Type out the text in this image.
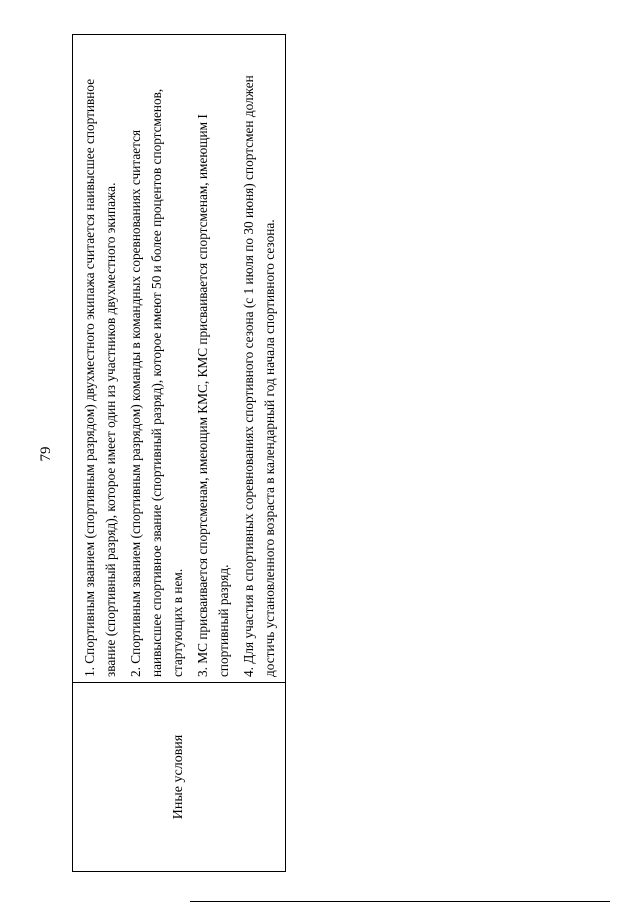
79
Иные условия

1. Спортивным званием (спортивным разрядом) двухместного экипажа считается наивысшее спортивное звание (спортивный разряд), которое имеет один из участников двухместного экипажа. 2. Спортивным званием (спортивным разрядом) команды в командных соревнованиях считается наивысшее спортивное звание (спортивный разряд), которое имеют 50 и более процентов спортсменов, стартующих в нем. 3. МС присваивается спортсменам, имеющим КМС, КМС присваивается спортсменам, имеющим I спортивный разряд. 4. Для участия в спортивных соревнованиях спортивного сезона (с 1 июля по 30 июня) спортсмен должен достичь установленного возраста в календарный год начала спортивного сезона.
